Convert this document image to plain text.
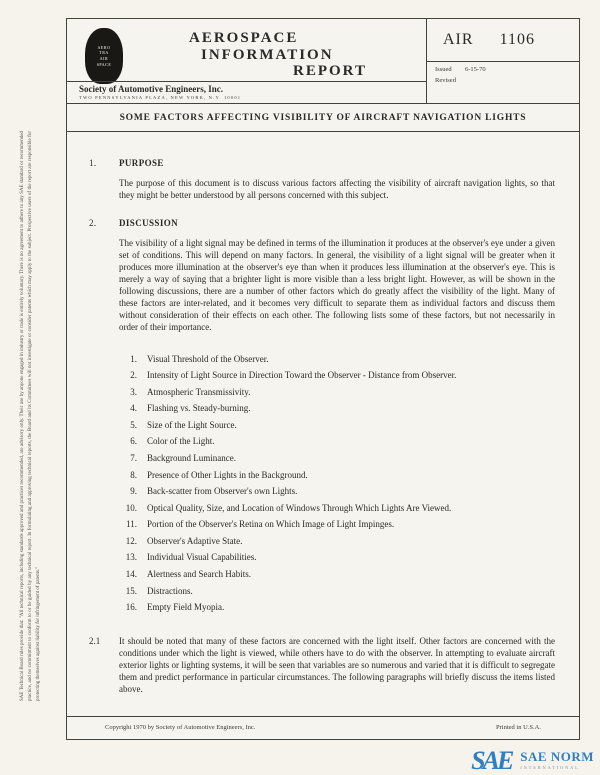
SAE Technical Board rules provide that: "All technical reports, including standards approved and practices recommended, are advisory only. Their use by anyone engaged in industry or trade is entirely voluntary. There is no agreement to adhere to any SAE standard or recommended practice, and no commitment to conform to or be guided by any technical report. In formulating and approving technical reports, the Board and its Committees will not investigate or consider patents which may apply to the subject. Prospective users of the report are responsible for protecting themselves against liability for infringement of patents."
AERO
TRA
AIR
SPACE
AEROSPACE
INFORMATION
REPORT
Society of Automotive Engineers, Inc.
TWO PENNSYLVANIA PLAZA, NEW YORK, N.Y. 10001
AIR 1106
Issued	6-15-70
Revised
SOME FACTORS AFFECTING VISIBILITY OF AIRCRAFT NAVIGATION LIGHTS
1.	PURPOSE

The purpose of this document is to discuss various factors affecting the visibility of aircraft navigation lights, so that they might be better understood by all persons concerned with this subject.

2.	DISCUSSION

The visibility of a light signal may be defined in terms of the illumination it produces at the observer's eye under a given set of conditions. This will depend on many factors. In general, the visibility of a light signal will be greater when it produces more illumination at the observer's eye than when it produces less illumination at the observer's eye. This is merely a way of saying that a brighter light is more visible than a less bright light. However, as will be shown in the following discussions, there are a number of other factors which do greatly affect the visibility of the light. Many of these factors are inter-related, and it becomes very difficult to separate them as individual factors and discuss them without consideration of their effects on each other. The following lists some of these factors, but not necessarily in order of their importance.

1.	Visual Threshold of the Observer.
2.	Intensity of Light Source in Direction Toward the Observer - Distance from Observer.
3.	Atmospheric Transmissivity.
4.	Flashing vs. Steady-burning.
5.	Size of the Light Source.
6.	Color of the Light.
7.	Background Luminance.
8.	Presence of Other Lights in the Background.
9.	Back-scatter from Observer's own Lights.
10.	Optical Quality, Size, and Location of Windows Through Which Lights Are Viewed.
11.	Portion of the Observer's Retina on Which Image of Light Impinges.
12.	Observer's Adaptive State.
13.	Individual Visual Capabilities.
14.	Alertness and Search Habits.
15.	Distractions.
16.	Empty Field Myopia.
2.1	It should be noted that many of these factors are concerned with the light itself. Other factors are concerned with the conditions under which the light is viewed, while others have to do with the observer. In attempting to evaluate aircraft exterior lights or lighting systems, it will be seen that variables are so numerous and varied that it is difficult to segregate them and predict performance in particular circumstances. The following paragraphs will briefly discuss the items listed above.

Copyright 1970 by Society of Automotive Engineers, Inc.	Printed in U.S.A.
SAE SAE NORM
INTERNATIONAL
